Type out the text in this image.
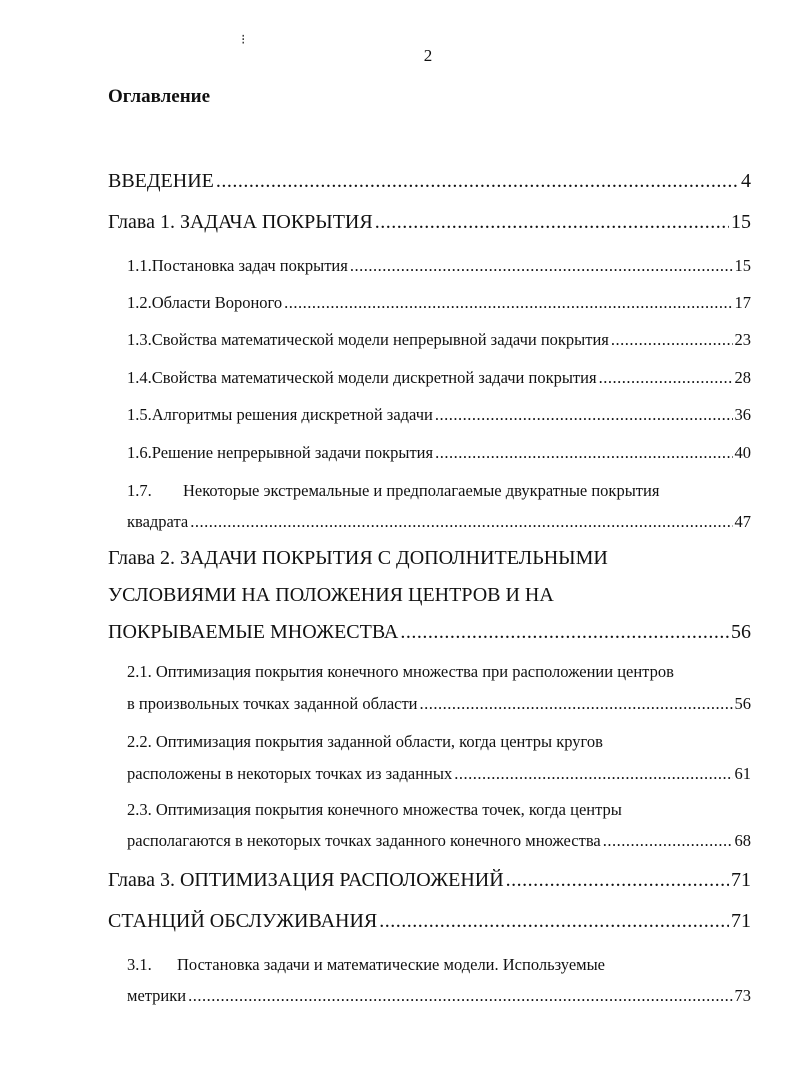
⁝
2
Оглавление
ВВЕДЕНИЕ .....	4
Глава 1. ЗАДАЧА ПОКРЫТИЯ .....	15
1.1. Постановка задач покрытия .....	15
1.2. Области Вороного .....	17
1.3. Свойства математической модели непрерывной задачи покрытия .....	23
1.4. Свойства математической модели дискретной задачи покрытия .....	28
1.5. Алгоритмы решения дискретной задачи .....	36
1.6. Решение непрерывной задачи покрытия .....	40
1.7. Некоторые экстремальные и предполагаемые двукратные покрытия
квадрата .....	47
Глава 2. ЗАДАЧИ ПОКРЫТИЯ С ДОПОЛНИТЕЛЬНЫМИ
УСЛОВИЯМИ НА ПОЛОЖЕНИЯ ЦЕНТРОВ И НА
ПОКРЫВАЕМЫЕ МНОЖЕСТВА .....	56
2.1. Оптимизация покрытия конечного множества при расположении центров
в произвольных точках заданной области .....	56
2.2. Оптимизация покрытия заданной области, когда центры кругов
расположены в некоторых точках из заданных .....	61
2.3. Оптимизация покрытия конечного множества точек, когда центры
располагаются в некоторых точках заданного конечного множества .....	68
Глава 3. ОПТИМИЗАЦИЯ РАСПОЛОЖЕНИЙ .....	71
СТАНЦИЙ ОБСЛУЖИВАНИЯ .....	71
3.1. Постановка задачи и математические модели. Используемые
метрики .....	73
